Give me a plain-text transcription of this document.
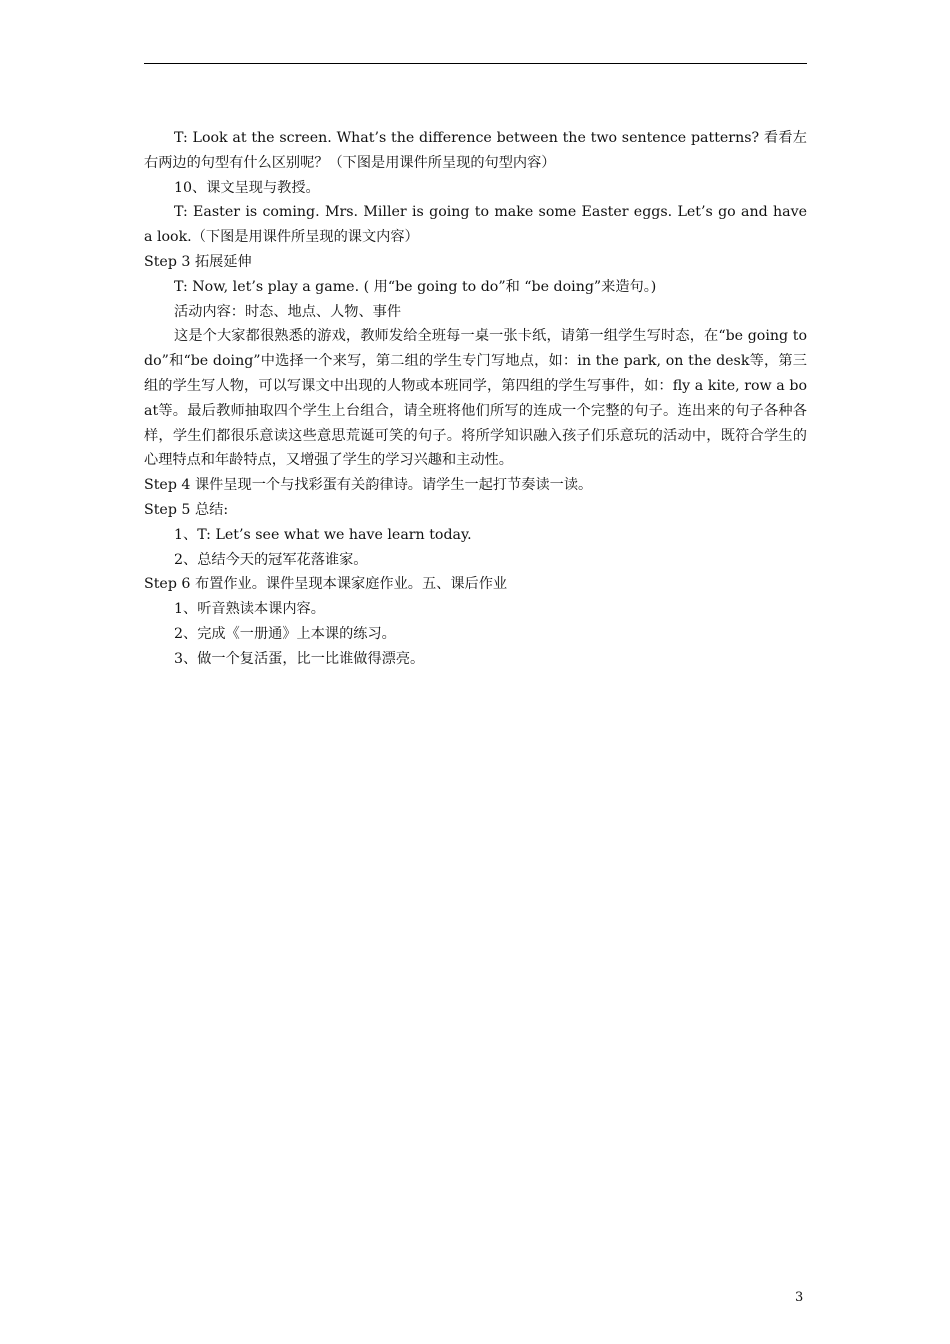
T: Look at the screen. What’s the difference between the two sentence patterns? 看看左右两边的句型有什么区别呢？（下图是用课件所呈现的句型内容）

10、课文呈现与教授。

T: Easter is coming. Mrs. Miller is going to make some Easter eggs. Let’s go and have a look.（下图是用课件所呈现的课文内容）

Step 3 拓展延伸

T: Now, let’s play a game. ( 用“be going to do”和 “be doing”来造句。)

活动内容：时态、地点、人物、事件

这是个大家都很熟悉的游戏，教师发给全班每一桌一张卡纸，请第一组学生写时态，在“be going to do”和“be doing”中选择一个来写，第二组的学生专门写地点，如：in the park, on the desk等，第三组的学生写人物，可以写课文中出现的人物或本班同学，第四组的学生写事件，如：fly a kite, row a boat等。最后教师抽取四个学生上台组合，请全班将他们所写的连成一个完整的句子。连出来的句子各种各样，学生们都很乐意读这些意思荒诞可笑的句子。将所学知识融入孩子们乐意玩的活动中，既符合学生的心理特点和年龄特点，又增强了学生的学习兴趣和主动性。

Step 4 课件呈现一个与找彩蛋有关韵律诗。请学生一起打节奏读一读。

Step 5 总结:

1、T: Let’s see what we have learn today.

2、总结今天的冠军花落谁家。

Step 6 布置作业。课件呈现本课家庭作业。五、课后作业

1、听音熟读本课内容。

2、完成《一册通》上本课的练习。

3、做一个复活蛋，比一比谁做得漂亮。

3
